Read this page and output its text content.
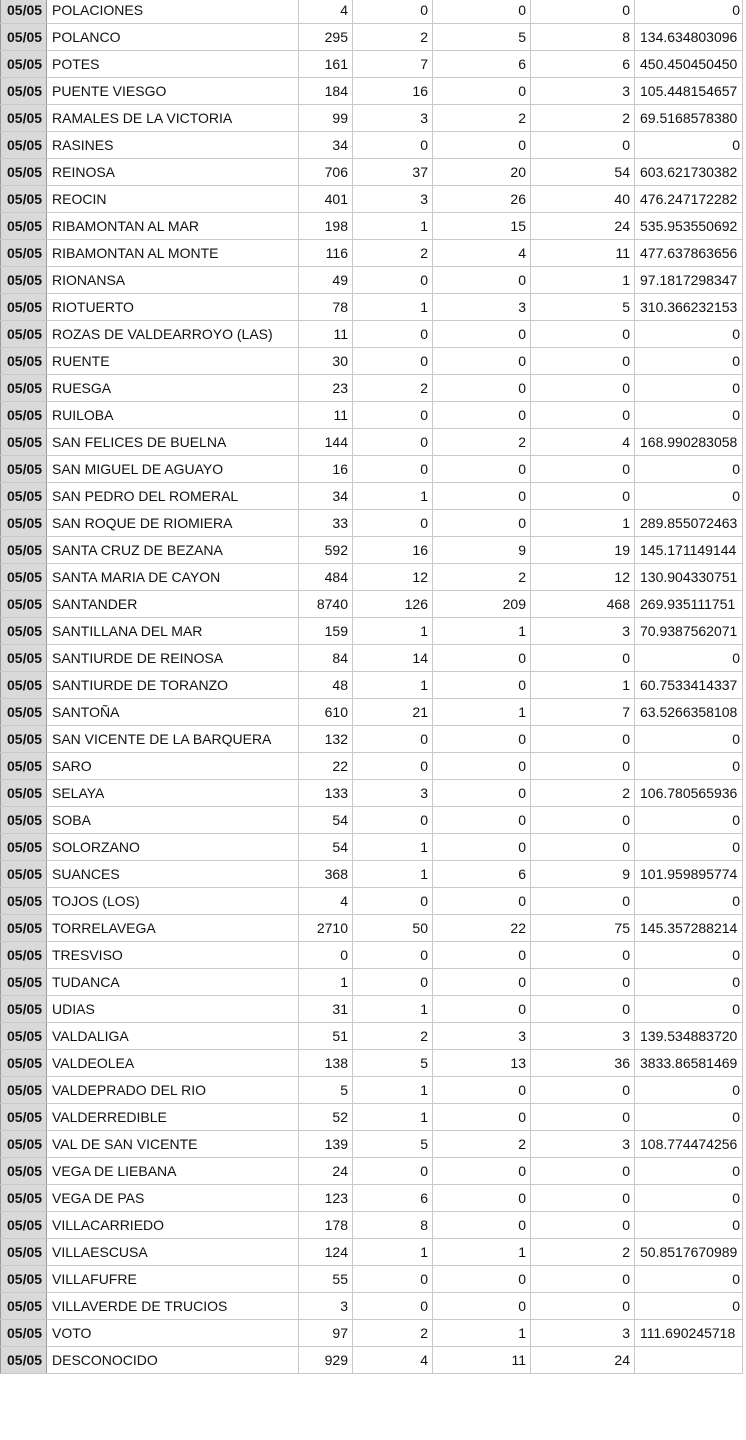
05/05	POLACIONES	4	0	0	0	0
05/05	POLANCO	295	2	5	8	134.634803096
05/05	POTES	161	7	6	6	450.450450450
05/05	PUENTE VIESGO	184	16	0	3	105.448154657
05/05	RAMALES DE LA VICTORIA	99	3	2	2	69.5168578380
05/05	RASINES	34	0	0	0	0
05/05	REINOSA	706	37	20	54	603.621730382
05/05	REOCIN	401	3	26	40	476.247172282
05/05	RIBAMONTAN AL MAR	198	1	15	24	535.953550692
05/05	RIBAMONTAN AL MONTE	116	2	4	11	477.637863656
05/05	RIONANSA	49	0	0	1	97.1817298347
05/05	RIOTUERTO	78	1	3	5	310.366232153
05/05	ROZAS DE VALDEARROYO (LAS)	11	0	0	0	0
05/05	RUENTE	30	0	0	0	0
05/05	RUESGA	23	2	0	0	0
05/05	RUILOBA	11	0	0	0	0
05/05	SAN FELICES DE BUELNA	144	0	2	4	168.990283058
05/05	SAN MIGUEL DE AGUAYO	16	0	0	0	0
05/05	SAN PEDRO DEL ROMERAL	34	1	0	0	0
05/05	SAN ROQUE DE RIOMIERA	33	0	0	1	289.855072463
05/05	SANTA CRUZ DE BEZANA	592	16	9	19	145.171149144
05/05	SANTA MARIA DE CAYON	484	12	2	12	130.904330751
05/05	SANTANDER	8740	126	209	468	269.935111751
05/05	SANTILLANA DEL MAR	159	1	1	3	70.9387562071
05/05	SANTIURDE DE REINOSA	84	14	0	0	0
05/05	SANTIURDE DE TORANZO	48	1	0	1	60.7533414337
05/05	SANTOÑA	610	21	1	7	63.5266358108
05/05	SAN VICENTE DE LA BARQUERA	132	0	0	0	0
05/05	SARO	22	0	0	0	0
05/05	SELAYA	133	3	0	2	106.780565936
05/05	SOBA	54	0	0	0	0
05/05	SOLORZANO	54	1	0	0	0
05/05	SUANCES	368	1	6	9	101.959895774
05/05	TOJOS (LOS)	4	0	0	0	0
05/05	TORRELAVEGA	2710	50	22	75	145.357288214
05/05	TRESVISO	0	0	0	0	0
05/05	TUDANCA	1	0	0	0	0
05/05	UDIAS	31	1	0	0	0
05/05	VALDALIGA	51	2	3	3	139.534883720
05/05	VALDEOLEA	138	5	13	36	3833.86581469
05/05	VALDEPRADO DEL RIO	5	1	0	0	0
05/05	VALDERREDIBLE	52	1	0	0	0
05/05	VAL DE SAN VICENTE	139	5	2	3	108.774474256
05/05	VEGA DE LIEBANA	24	0	0	0	0
05/05	VEGA DE PAS	123	6	0	0	0
05/05	VILLACARRIEDO	178	8	0	0	0
05/05	VILLAESCUSA	124	1	1	2	50.8517670989
05/05	VILLAFUFRE	55	0	0	0	0
05/05	VILLAVERDE DE TRUCIOS	3	0	0	0	0
05/05	VOTO	97	2	1	3	111.690245718
05/05	DESCONOCIDO	929	4	11	24	
